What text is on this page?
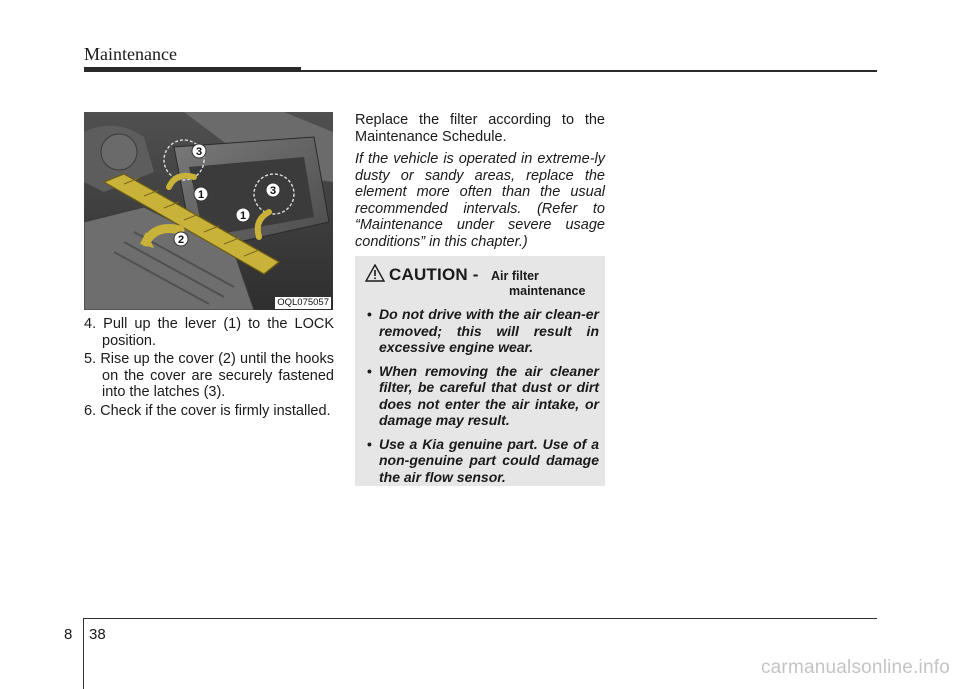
Maintenance
1
1
2
3
3
OQL075057
4. Pull up the lever (1) to the LOCK position.
5. Rise up the cover (2) until the hooks on the cover are securely fastened into the latches (3).
6. Check if the cover is firmly installed.

Replace the filter according to the Maintenance Schedule.

If the vehicle is operated in extreme-ly dusty or sandy areas, replace the element more often than the usual recommended intervals. (Refer to “Maintenance under severe usage conditions” in this chapter.)

CAUTION - Air filter
maintenance
• Do not drive with the air clean-er removed; this will result in excessive engine wear.
• When removing the air cleaner filter, be careful that dust or dirt does not enter the air intake, or damage may result.
• Use a Kia genuine part. Use of a non-genuine part could damage the air flow sensor.
8 38
carmanualsonline.info
